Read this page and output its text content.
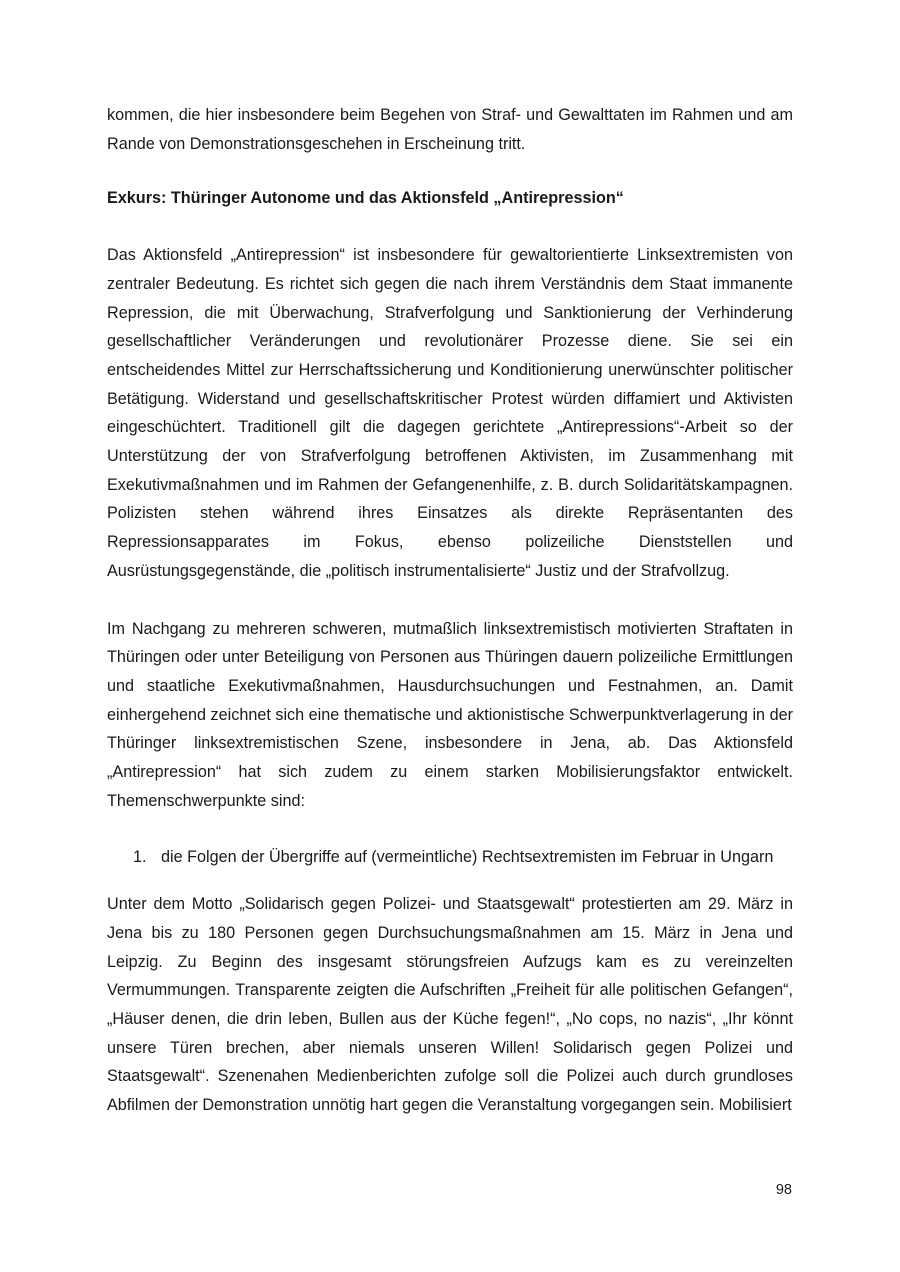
kommen, die hier insbesondere beim Begehen von Straf- und Gewalttaten im Rahmen und am Rande von Demonstrationsgeschehen in Erscheinung tritt.

Exkurs: Thüringer Autonome und das Aktionsfeld „Antirepression“

Das Aktionsfeld „Antirepression“ ist insbesondere für gewaltorientierte Linksextremisten von zentraler Bedeutung. Es richtet sich gegen die nach ihrem Verständnis dem Staat immanente Repression, die mit Überwachung, Strafverfolgung und Sanktionierung der Verhinderung gesellschaftlicher Veränderungen und revolutionärer Prozesse diene. Sie sei ein entscheidendes Mittel zur Herrschaftssicherung und Konditionierung unerwünschter politischer Betätigung. Widerstand und gesellschaftskritischer Protest würden diffamiert und Aktivisten eingeschüchtert. Traditionell gilt die dagegen gerichtete „Antirepressions“-Arbeit so der Unterstützung der von Strafverfolgung betroffenen Aktivisten, im Zusammenhang mit Exekutivmaßnahmen und im Rahmen der Gefangenenhilfe, z. B. durch Solidaritätskampagnen. Polizisten stehen während ihres Einsatzes als direkte Repräsentanten des Repressionsapparates im Fokus, ebenso polizeiliche Dienststellen und Ausrüstungsgegenstände, die „politisch instrumentalisierte“ Justiz und der Strafvollzug.

Im Nachgang zu mehreren schweren, mutmaßlich linksextremistisch motivierten Straftaten in Thüringen oder unter Beteiligung von Personen aus Thüringen dauern polizeiliche Ermittlungen und staatliche Exekutivmaßnahmen, Hausdurchsuchungen und Festnahmen, an. Damit einhergehend zeichnet sich eine thematische und aktionistische Schwerpunktverlagerung in der Thüringer linksextremistischen Szene, insbesondere in Jena, ab. Das Aktionsfeld „Antirepression“ hat sich zudem zu einem starken Mobilisierungsfaktor entwickelt. Themenschwerpunkte sind:

1. die Folgen der Übergriffe auf (vermeintliche) Rechtsextremisten im Februar in Ungarn

Unter dem Motto „Solidarisch gegen Polizei- und Staatsgewalt“ protestierten am 29. März in Jena bis zu 180 Personen gegen Durchsuchungsmaßnahmen am 15. März in Jena und Leipzig. Zu Beginn des insgesamt störungsfreien Aufzugs kam es zu vereinzelten Vermummungen. Transparente zeigten die Aufschriften „Freiheit für alle politischen Gefangen“, „Häuser denen, die drin leben, Bullen aus der Küche fegen!“, „No cops, no nazis“, „Ihr könnt unsere Türen brechen, aber niemals unseren Willen! Solidarisch gegen Polizei und Staatsgewalt“. Szenenahen Medienberichten zufolge soll die Polizei auch durch grundloses Abfilmen der Demonstration unnötig hart gegen die Veranstaltung vorgegangen sein. Mobilisiert

98
